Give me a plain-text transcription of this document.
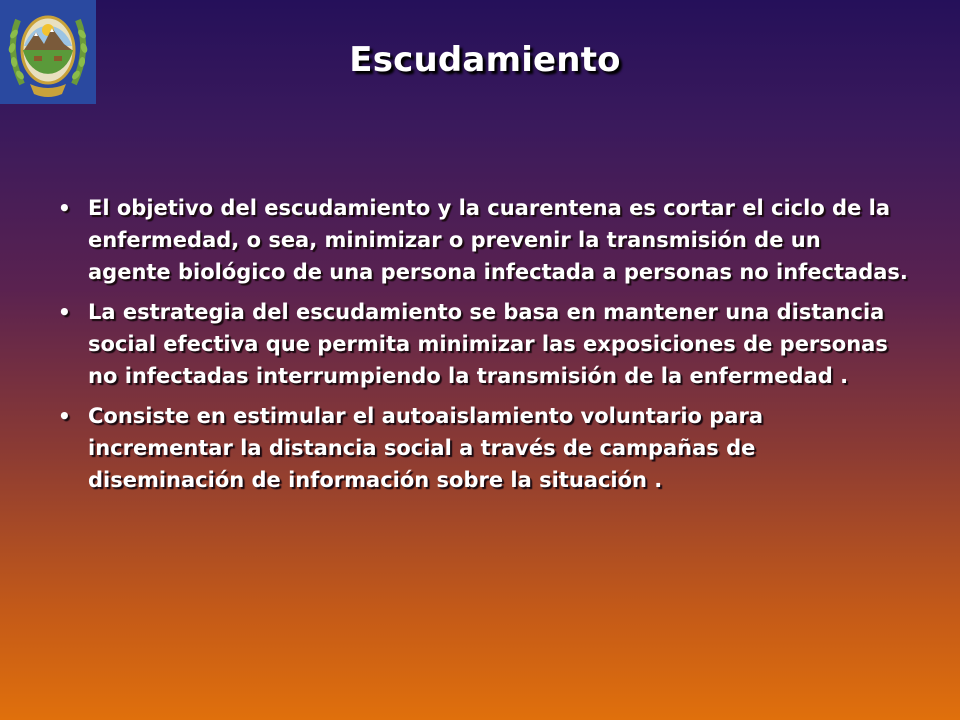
Escudamiento
• El objetivo del escudamiento y la cuarentena es cortar el ciclo de la enfermedad, o sea, minimizar o prevenir la transmisión de un agente biológico de una persona infectada a personas no infectadas.
• La estrategia del escudamiento se basa en mantener una distancia social efectiva que permita minimizar las exposiciones de personas no infectadas interrumpiendo la transmisión de la enfermedad .
• Consiste en estimular el autoaislamiento voluntario para incrementar la distancia social a través de campañas de diseminación de información sobre la situación .
